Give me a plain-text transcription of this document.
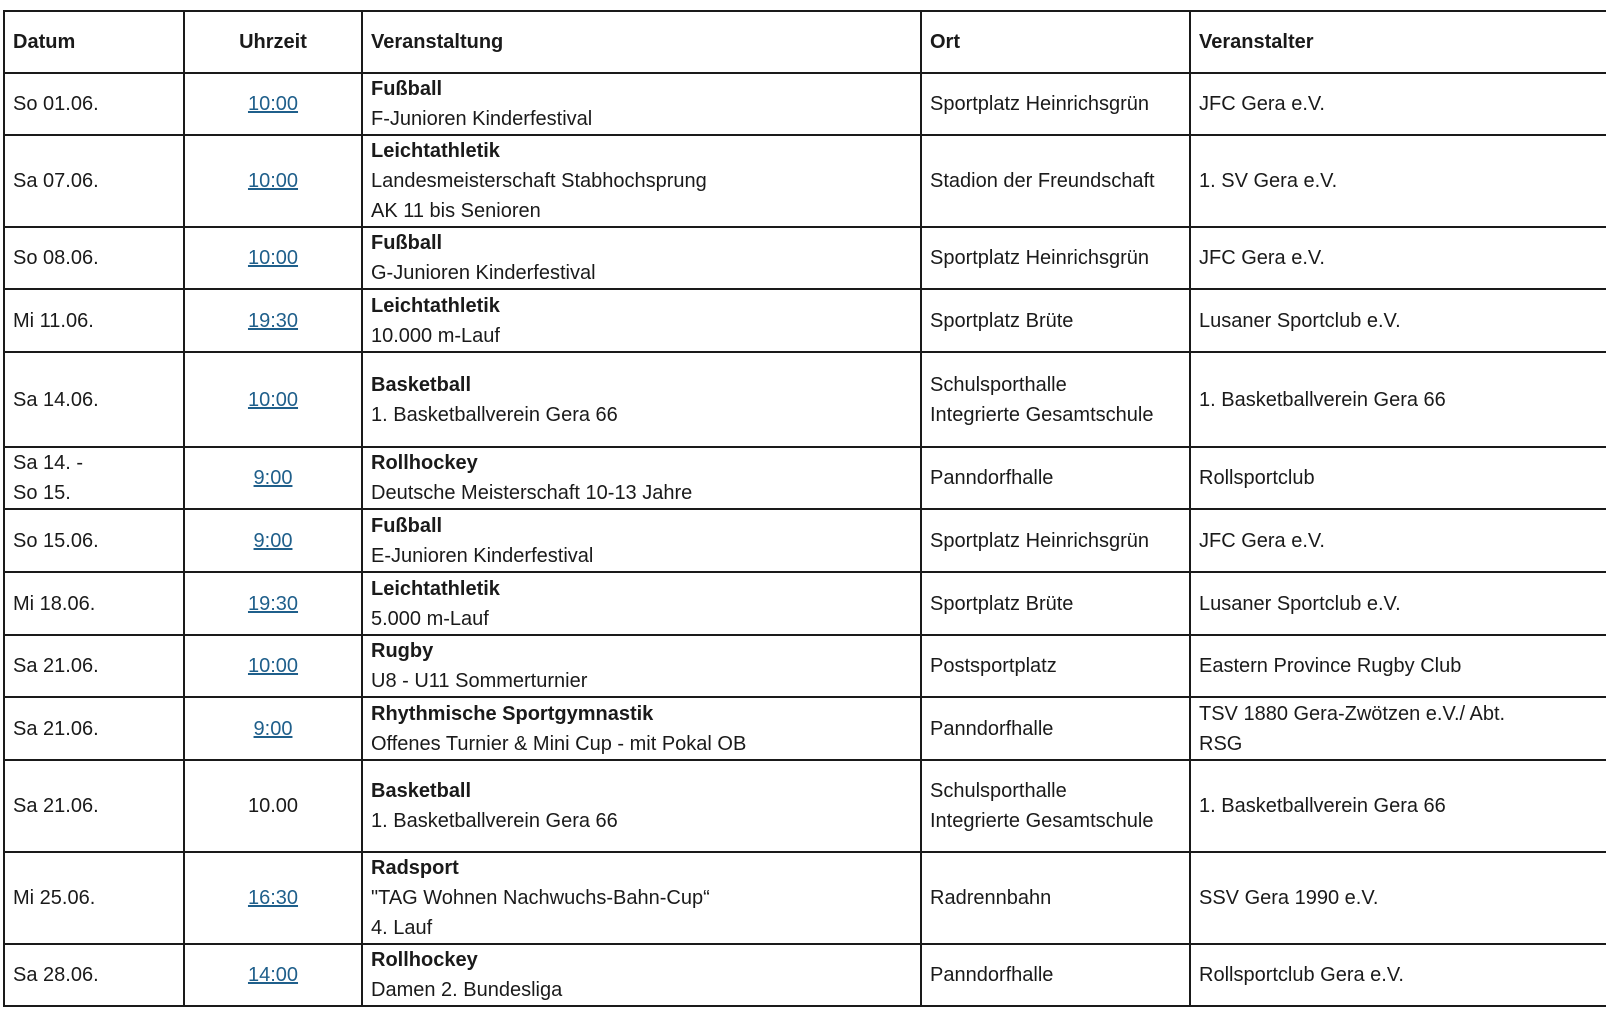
Datum	Uhrzeit	Veranstaltung	Ort	Veranstalter

So 01.06.	10:00	Fußball
F-Junioren Kinderfestival	Sportplatz Heinrichsgrün	JFC Gera e.V.

Sa 07.06.	10:00	Leichtathletik
Landesmeisterschaft Stabhochsprung
AK 11 bis Senioren	Stadion der Freundschaft	1. SV Gera e.V.

So 08.06.	10:00	Fußball
G-Junioren Kinderfestival	Sportplatz Heinrichsgrün	JFC Gera e.V.

Mi 11.06.	19:30	Leichtathletik
10.000 m-Lauf	Sportplatz Brüte	Lusaner Sportclub e.V.

Sa 14.06.	10:00	Basketball
1. Basketballverein Gera 66	Schulsporthalle
Integrierte Gesamtschule	1. Basketballverein Gera 66

Sa 14. -
So 15.	9:00	Rollhockey
Deutsche Meisterschaft 10-13 Jahre	Panndorfhalle	Rollsportclub

So 15.06.	9:00	Fußball
E-Junioren Kinderfestival	Sportplatz Heinrichsgrün	JFC Gera e.V.

Mi 18.06.	19:30	Leichtathletik
5.000 m-Lauf	Sportplatz Brüte	Lusaner Sportclub e.V.

Sa 21.06.	10:00	Rugby
U8 - U11 Sommerturnier	Postsportplatz	Eastern Province Rugby Club

Sa 21.06.	9:00	Rhythmische Sportgymnastik
Offenes Turnier & Mini Cup - mit Pokal OB	Panndorfhalle	TSV 1880 Gera-Zwötzen e.V./ Abt.
RSG

Sa 21.06.	10.00	Basketball
1. Basketballverein Gera 66	Schulsporthalle
Integrierte Gesamtschule	1. Basketballverein Gera 66

Mi 25.06.	16:30	Radsport
"TAG Wohnen Nachwuchs-Bahn-Cup“
4. Lauf	Radrennbahn	SSV Gera 1990 e.V.

Sa 28.06.	14:00	Rollhockey
Damen 2. Bundesliga	Panndorfhalle	Rollsportclub Gera e.V.
